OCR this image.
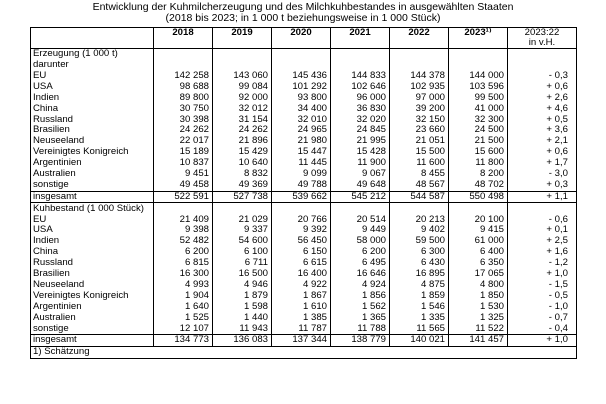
Entwicklung der Kuhmilcherzeugung und des Milchkuhbestandes in ausgewählten Staaten
(2018 bis 2023; in 1 000 t beziehungsweise in 1 000 Stück)
	2018	2019	2020	2021	2022	2023¹⁾	2023:22
in v.H.

Erzeugung (1 000 t)							
darunter							
EU	142 258	143 060	145 436	144 833	144 378	144 000	- 0,3
USA	98 688	99 084	101 292	102 646	102 935	103 596	+ 0,6
Indien	89 800	92 000	93 800	96 000	97 000	99 500	+ 2,6
China	30 750	32 012	34 400	36 830	39 200	41 000	+ 4,6
Russland	30 398	31 154	32 010	32 020	32 150	32 300	+ 0,5
Brasilien	24 262	24 262	24 965	24 845	23 660	24 500	+ 3,6
Neuseeland	22 017	21 896	21 980	21 995	21 051	21 500	+ 2,1
Vereinigtes Konigreich	15 189	15 429	15 447	15 428	15 500	15 600	+ 0,6
Argentinien	10 837	10 640	11 445	11 900	11 600	11 800	+ 1,7
Australien	9 451	8 832	9 099	9 067	8 455	8 200	- 3,0
sonstige	49 458	49 369	49 788	49 648	48 567	48 702	+ 0,3
insgesamt	522 591	527 738	539 662	545 212	544 587	550 498	+ 1,1
Kuhbestand (1 000 Stück)							
EU	21 409	21 029	20 766	20 514	20 213	20 100	- 0,6
USA	9 398	9 337	9 392	9 449	9 402	9 415	+ 0,1
Indien	52 482	54 600	56 450	58 000	59 500	61 000	+ 2,5
China	6 200	6 100	6 150	6 200	6 300	6 400	+ 1,6
Russland	6 815	6 711	6 615	6 495	6 430	6 350	- 1,2
Brasilien	16 300	16 500	16 400	16 646	16 895	17 065	+ 1,0
Neuseeland	4 993	4 946	4 922	4 924	4 875	4 800	- 1,5
Vereinigtes Konigreich	1 904	1 879	1 867	1 856	1 859	1 850	- 0,5
Argentinien	1 640	1 598	1 610	1 562	1 546	1 530	- 1,0
Australien	1 525	1 440	1 385	1 365	1 335	1 325	- 0,7
sonstige	12 107	11 943	11 787	11 788	11 565	11 522	- 0,4
insgesamt	134 773	136 083	137 344	138 779	140 021	141 457	+ 1,0
1) Schätzung							
